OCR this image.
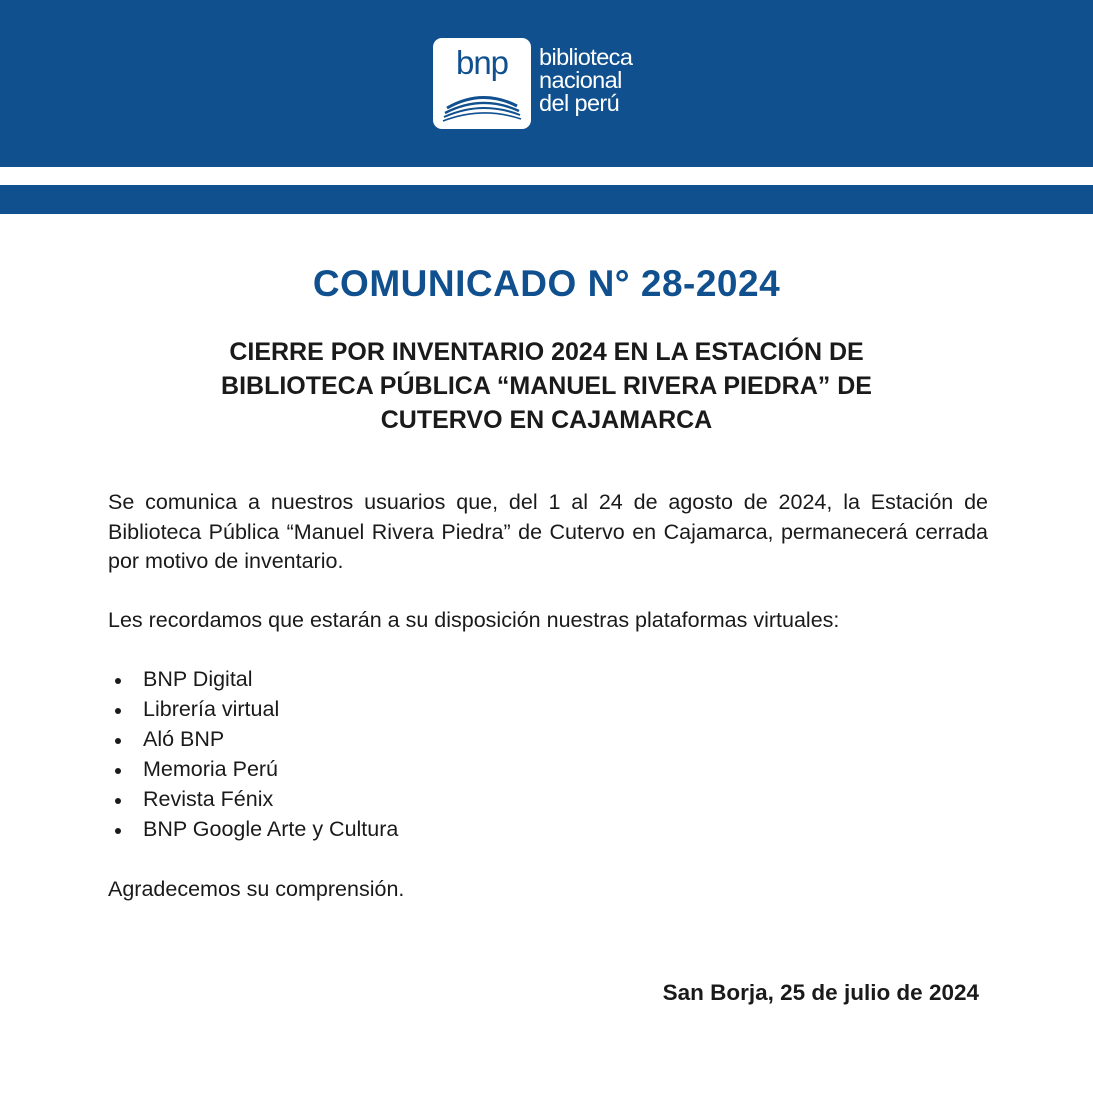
bnp	biblioteca
nacional
del perú
COMUNICADO N° 28-2024
CIERRE POR INVENTARIO 2024 EN LA ESTACIÓN DE
BIBLIOTECA PÚBLICA “MANUEL RIVERA PIEDRA” DE
CUTERVO EN CAJAMARCA

Se comunica a nuestros usuarios que, del 1 al 24 de agosto de 2024, la Estación de Biblioteca Pública “Manuel Rivera Piedra” de Cutervo en Cajamarca, permanecerá cerrada por motivo de inventario.

Les recordamos que estarán a su disposición nuestras plataformas virtuales:

BNP Digital
Librería virtual
Aló BNP
Memoria Perú
Revista Fénix
BNP Google Arte y Cultura

Agradecemos su comprensión.

San Borja, 25 de julio de 2024
